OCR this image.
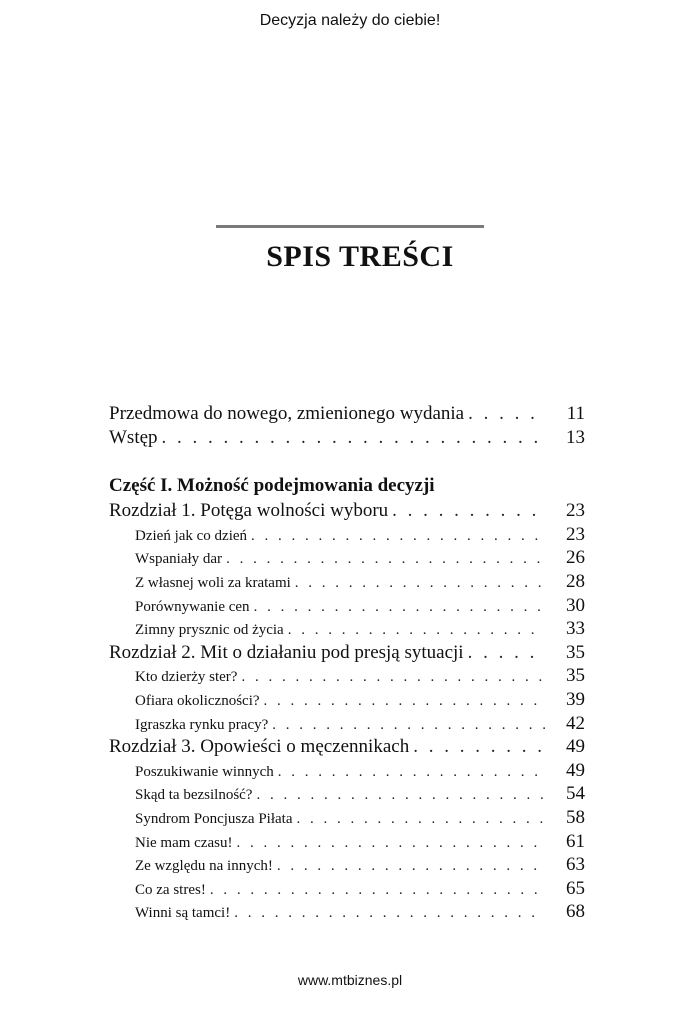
Decyzja należy do ciebie!
SPIS TREŚCI
Przedmowa do nowego, zmienionego wydania . . .	11
Wstęp . . .	13
Część I. Możność podejmowania decyzji
Rozdział 1. Potęga wolności wyboru . . .	23
Dzień jak co dzień . . .	23
Wspaniały dar . . .	26
Z własnej woli za kratami . . .	28
Porównywanie cen . . .	30
Zimny prysznic od życia . . .	33
Rozdział 2. Mit o działaniu pod presją sytuacji . . .	35
Kto dzierży ster? . . .	35
Ofiara okoliczności? . . .	39
Igraszka rynku pracy? . . .	42
Rozdział 3. Opowieści o męczennikach . . .	49
Poszukiwanie winnych . . .	49
Skąd ta bezsilność? . . .	54
Syndrom Poncjusza Piłata . . .	58
Nie mam czasu! . . .	61
Ze względu na innych! . . .	63
Co za stres! . . .	65
Winni są tamci! . . .	68
www.mtbiznes.pl
